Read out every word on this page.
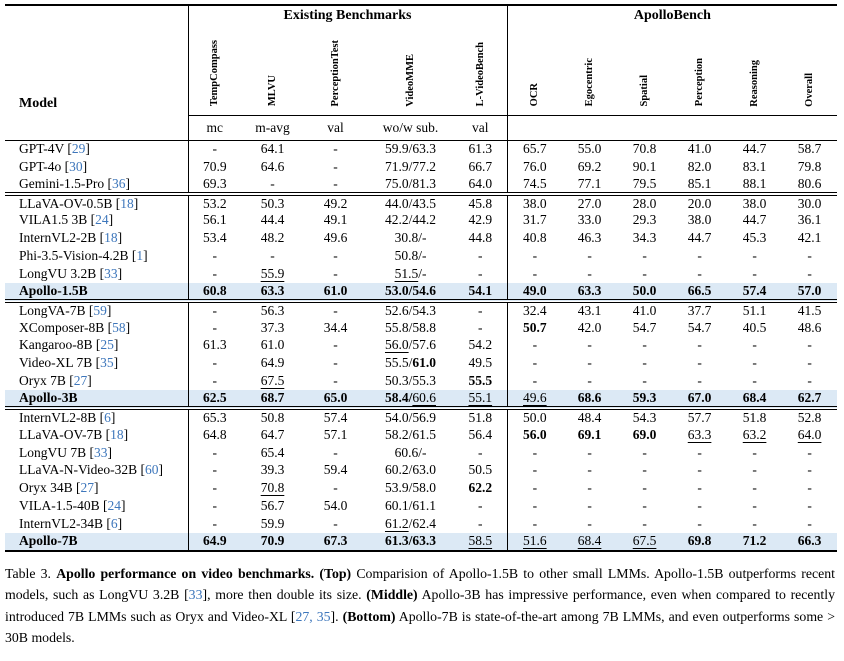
Model	Existing Benchmarks					ApolloBench					
	TempCompass	MLVU	PerceptionTest	VideoMME	L-VideoBench	OCR	Egocentric	Spatial	Perception	Reasoning	Overall
	mc	m-avg	val	wo/w sub.	val						
GPT-4V [29]	-	64.1	-	59.9/63.3	61.3	65.7	55.0	70.8	41.0	44.7	58.7
GPT-4o [30]	70.9	64.6	-	71.9/77.2	66.7	76.0	69.2	90.1	82.0	83.1	79.8
Gemini-1.5-Pro [36]	69.3	-	-	75.0/81.3	64.0	74.5	77.1	79.5	85.1	88.1	80.6
LLaVA-OV-0.5B [18]	53.2	50.3	49.2	44.0/43.5	45.8	38.0	27.0	28.0	20.0	38.0	30.0
VILA1.5 3B [24]	56.1	44.4	49.1	42.2/44.2	42.9	31.7	33.0	29.3	38.0	44.7	36.1
InternVL2-2B [18]	53.4	48.2	49.6	30.8/-	44.8	40.8	46.3	34.3	44.7	45.3	42.1
Phi-3.5-Vision-4.2B [1]	-	-	-	50.8/-	-	-	-	-	-	-	-
LongVU 3.2B [33]	-	55.9	-	51.5/-	-	-	-	-	-	-	-
Apollo-1.5B	60.8	63.3	61.0	53.0/54.6	54.1	49.0	63.3	50.0	66.5	57.4	57.0
LongVA-7B [59]	-	56.3	-	52.6/54.3	-	32.4	43.1	41.0	37.7	51.1	41.5
XComposer-8B [58]	-	37.3	34.4	55.8/58.8	-	50.7	42.0	54.7	54.7	40.5	48.6
Kangaroo-8B [25]	61.3	61.0	-	56.0/57.6	54.2	-	-	-	-	-	-
Video-XL 7B [35]	-	64.9	-	55.5/61.0	49.5	-	-	-	-	-	-
Oryx 7B [27]	-	67.5	-	50.3/55.3	55.5	-	-	-	-	-	-
Apollo-3B	62.5	68.7	65.0	58.4/60.6	55.1	49.6	68.6	59.3	67.0	68.4	62.7
InternVL2-8B [6]	65.3	50.8	57.4	54.0/56.9	51.8	50.0	48.4	54.3	57.7	51.8	52.8
LLaVA-OV-7B [18]	64.8	64.7	57.1	58.2/61.5	56.4	56.0	69.1	69.0	63.3	63.2	64.0
LongVU 7B [33]	-	65.4	-	60.6/-	-	-	-	-	-	-	-
LLaVA-N-Video-32B [60]	-	39.3	59.4	60.2/63.0	50.5	-	-	-	-	-	-
Oryx 34B [27]	-	70.8	-	53.9/58.0	62.2	-	-	-	-	-	-
VILA-1.5-40B [24]	-	56.7	54.0	60.1/61.1	-	-	-	-	-	-	-
InternVL2-34B [6]	-	59.9	-	61.2/62.4	-	-	-	-	-	-	-
Apollo-7B	64.9	70.9	67.3	61.3/63.3	58.5	51.6	68.4	67.5	69.8	71.2	66.3
Table 3. Apollo performance on video benchmarks. (Top) Comparision of Apollo-1.5B to other small LMMs. Apollo-1.5B outperforms recent models, such as LongVU 3.2B [33], more then double its size. (Middle) Apollo-3B has impressive performance, even when compared to recently introduced 7B LMMs such as Oryx and Video-XL [27, 35]. (Bottom) Apollo-7B is state-of-the-art among 7B LMMs, and even outperforms some > 30B models.
